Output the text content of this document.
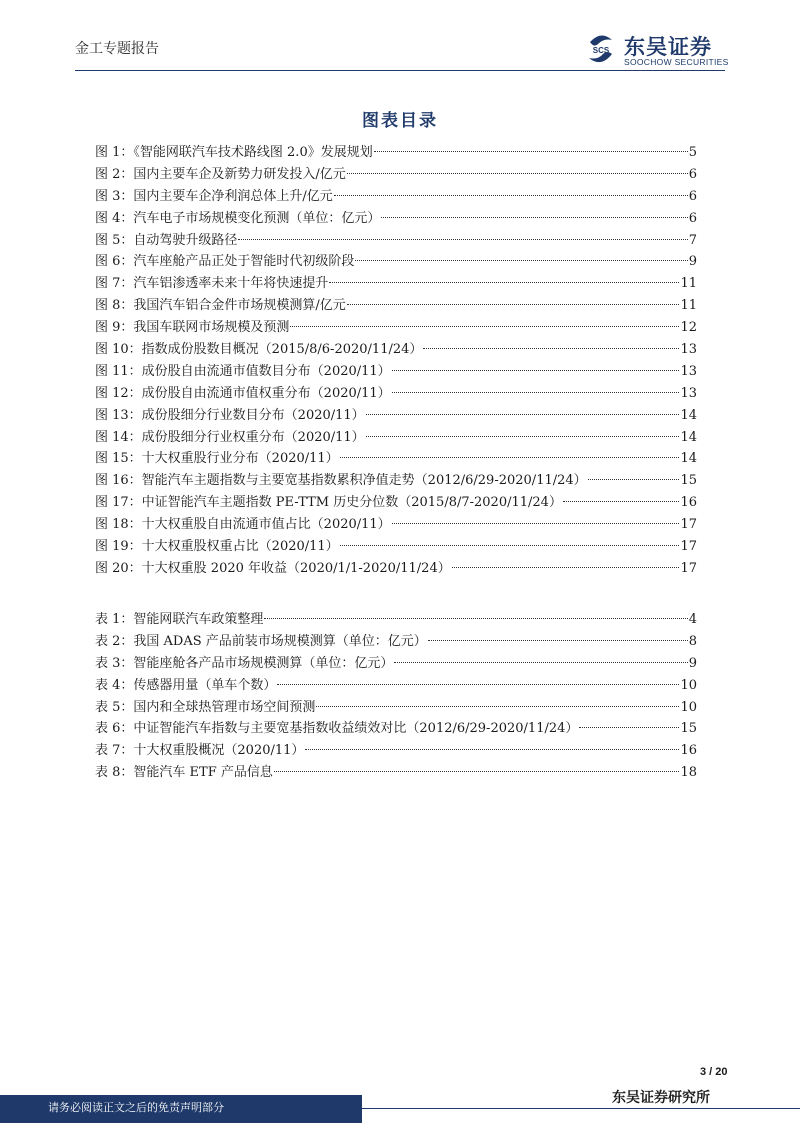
金工专题报告	SCS 东吴证券
SOOCHOW SECURITIES
图表目录
图 1：《智能网联汽车技术路线图 2.0》发展规划	5
图 2：国内主要车企及新势力研发投入/亿元	6
图 3：国内主要车企净利润总体上升/亿元	6
图 4：汽车电子市场规模变化预测（单位：亿元）	6
图 5：自动驾驶升级路径	7
图 6：汽车座舱产品正处于智能时代初级阶段	9
图 7：汽车铝渗透率未来十年将快速提升	11
图 8：我国汽车铝合金件市场规模测算/亿元	11
图 9：我国车联网市场规模及预测	12
图 10：指数成份股数目概况（2015/8/6-2020/11/24）	13
图 11：成份股自由流通市值数目分布（2020/11）	13
图 12：成份股自由流通市值权重分布（2020/11）	13
图 13：成份股细分行业数目分布（2020/11）	14
图 14：成份股细分行业权重分布（2020/11）	14
图 15：十大权重股行业分布（2020/11）	14
图 16：智能汽车主题指数与主要宽基指数累积净值走势（2012/6/29-2020/11/24）	15
图 17：中证智能汽车主题指数 PE-TTM 历史分位数（2015/8/7-2020/11/24）	16
图 18：十大权重股自由流通市值占比（2020/11）	17
图 19：十大权重股权重占比（2020/11）	17
图 20：十大权重股 2020 年收益（2020/1/1-2020/11/24）	17
表 1：智能网联汽车政策整理	4
表 2：我国 ADAS 产品前装市场规模测算（单位：亿元）	8
表 3：智能座舱各产品市场规模测算（单位：亿元）	9
表 4：传感器用量（单车个数）	10
表 5：国内和全球热管理市场空间预测	10
表 6：中证智能汽车指数与主要宽基指数收益绩效对比（2012/6/29-2020/11/24）	15
表 7：十大权重股概况（2020/11）	16
表 8：智能汽车 ETF 产品信息	18
3 / 20
请务必阅读正文之后的免责声明部分
东吴证券研究所
